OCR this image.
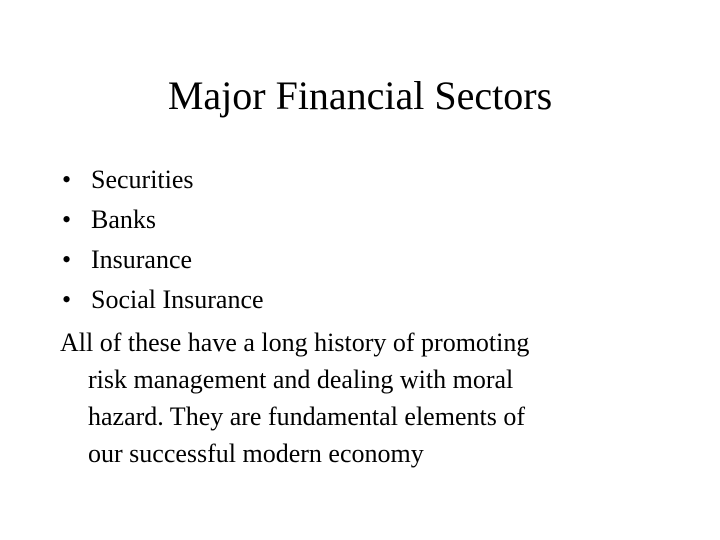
Major Financial Sectors
• Securities
• Banks
• Insurance
• Social Insurance

All of these have a long history of promoting
risk management and dealing with moral
hazard. They are fundamental elements of
our successful modern economy
